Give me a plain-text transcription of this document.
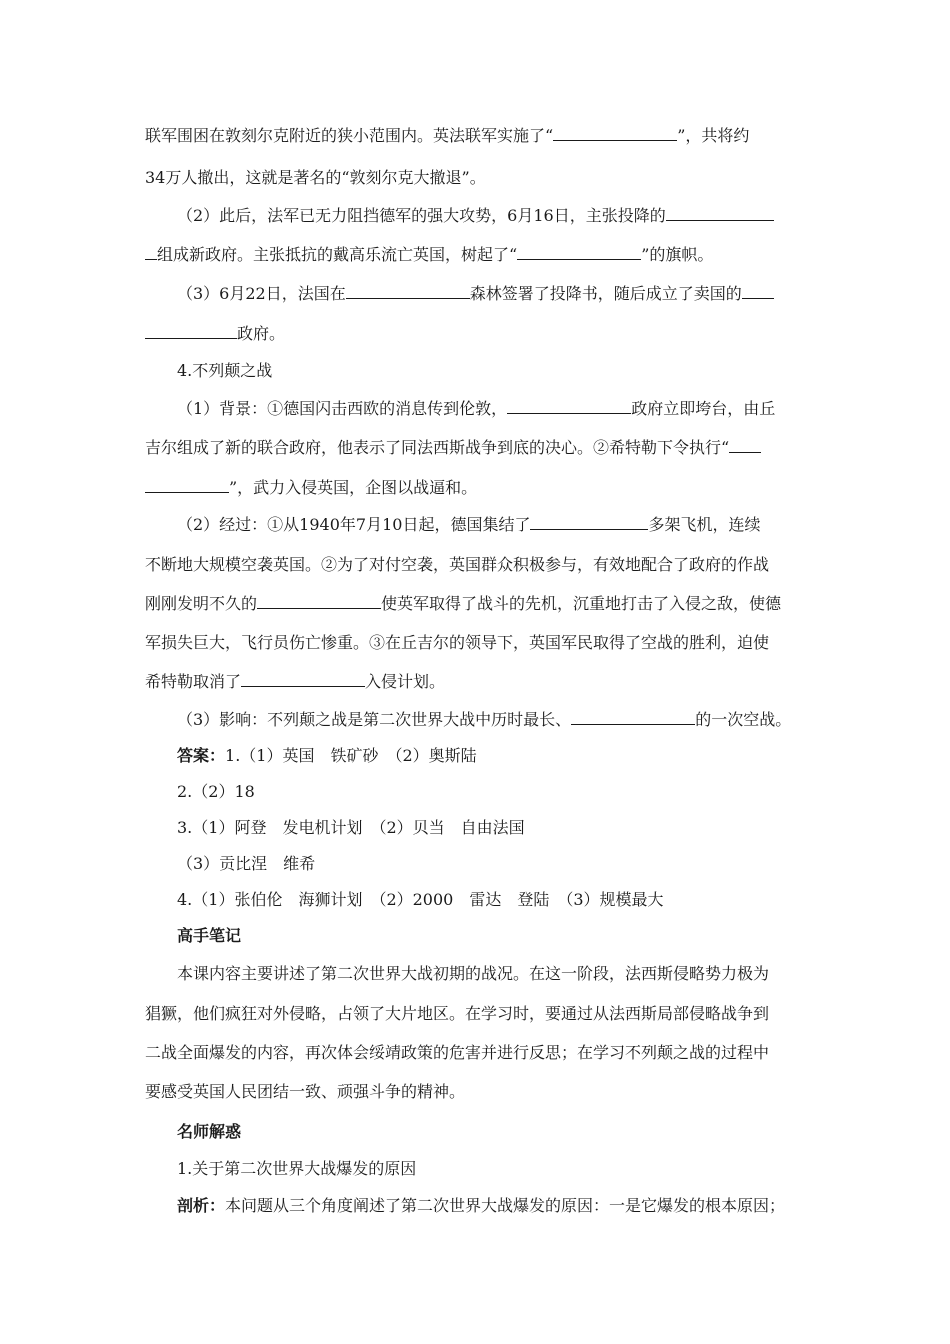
联军围困在敦刻尔克附近的狭小范围内。英法联军实施了“	”，共将约
34万人撤出，这就是著名的“敦刻尔克大撤退”。
（2）此后，法军已无力阻挡德军的强大攻势，6月16日，主张投降的
组成新政府。主张抵抗的戴高乐流亡英国，树起了“	”的旗帜。
（3）6月22日，法国在	森林签署了投降书，随后成立了卖国的
政府。
4.不列颠之战
（1）背景：①德国闪击西欧的消息传到伦敦，	政府立即垮台，由丘
吉尔组成了新的联合政府，他表示了同法西斯战争到底的决心。②希特勒下令执行“
”，武力入侵英国，企图以战逼和。
（2）经过：①从1940年7月10日起，德国集结了	多架飞机，连续
不断地大规模空袭英国。②为了对付空袭，英国群众积极参与，有效地配合了政府的作战
刚刚发明不久的	使英军取得了战斗的先机，沉重地打击了入侵之敌，使德
军损失巨大，飞行员伤亡惨重。③在丘吉尔的领导下，英国军民取得了空战的胜利，迫使
希特勒取消了	入侵计划。
（3）影响：不列颠之战是第二次世界大战中历时最长、	的一次空战。
答案：1.（1）英国　铁矿砂　（2）奥斯陆
2.（2）18
3.（1）阿登　发电机计划　（2）贝当　自由法国
（3）贡比涅　维希
4.（1）张伯伦　海狮计划　（2）2000　雷达　登陆　（3）规模最大
高手笔记
本课内容主要讲述了第二次世界大战初期的战况。在这一阶段，法西斯侵略势力极为
猖獗，他们疯狂对外侵略，占领了大片地区。在学习时，要通过从法西斯局部侵略战争到
二战全面爆发的内容，再次体会绥靖政策的危害并进行反思；在学习不列颠之战的过程中
要感受英国人民团结一致、顽强斗争的精神。
名师解惑
1.关于第二次世界大战爆发的原因
剖析：本问题从三个角度阐述了第二次世界大战爆发的原因：一是它爆发的根本原因；
